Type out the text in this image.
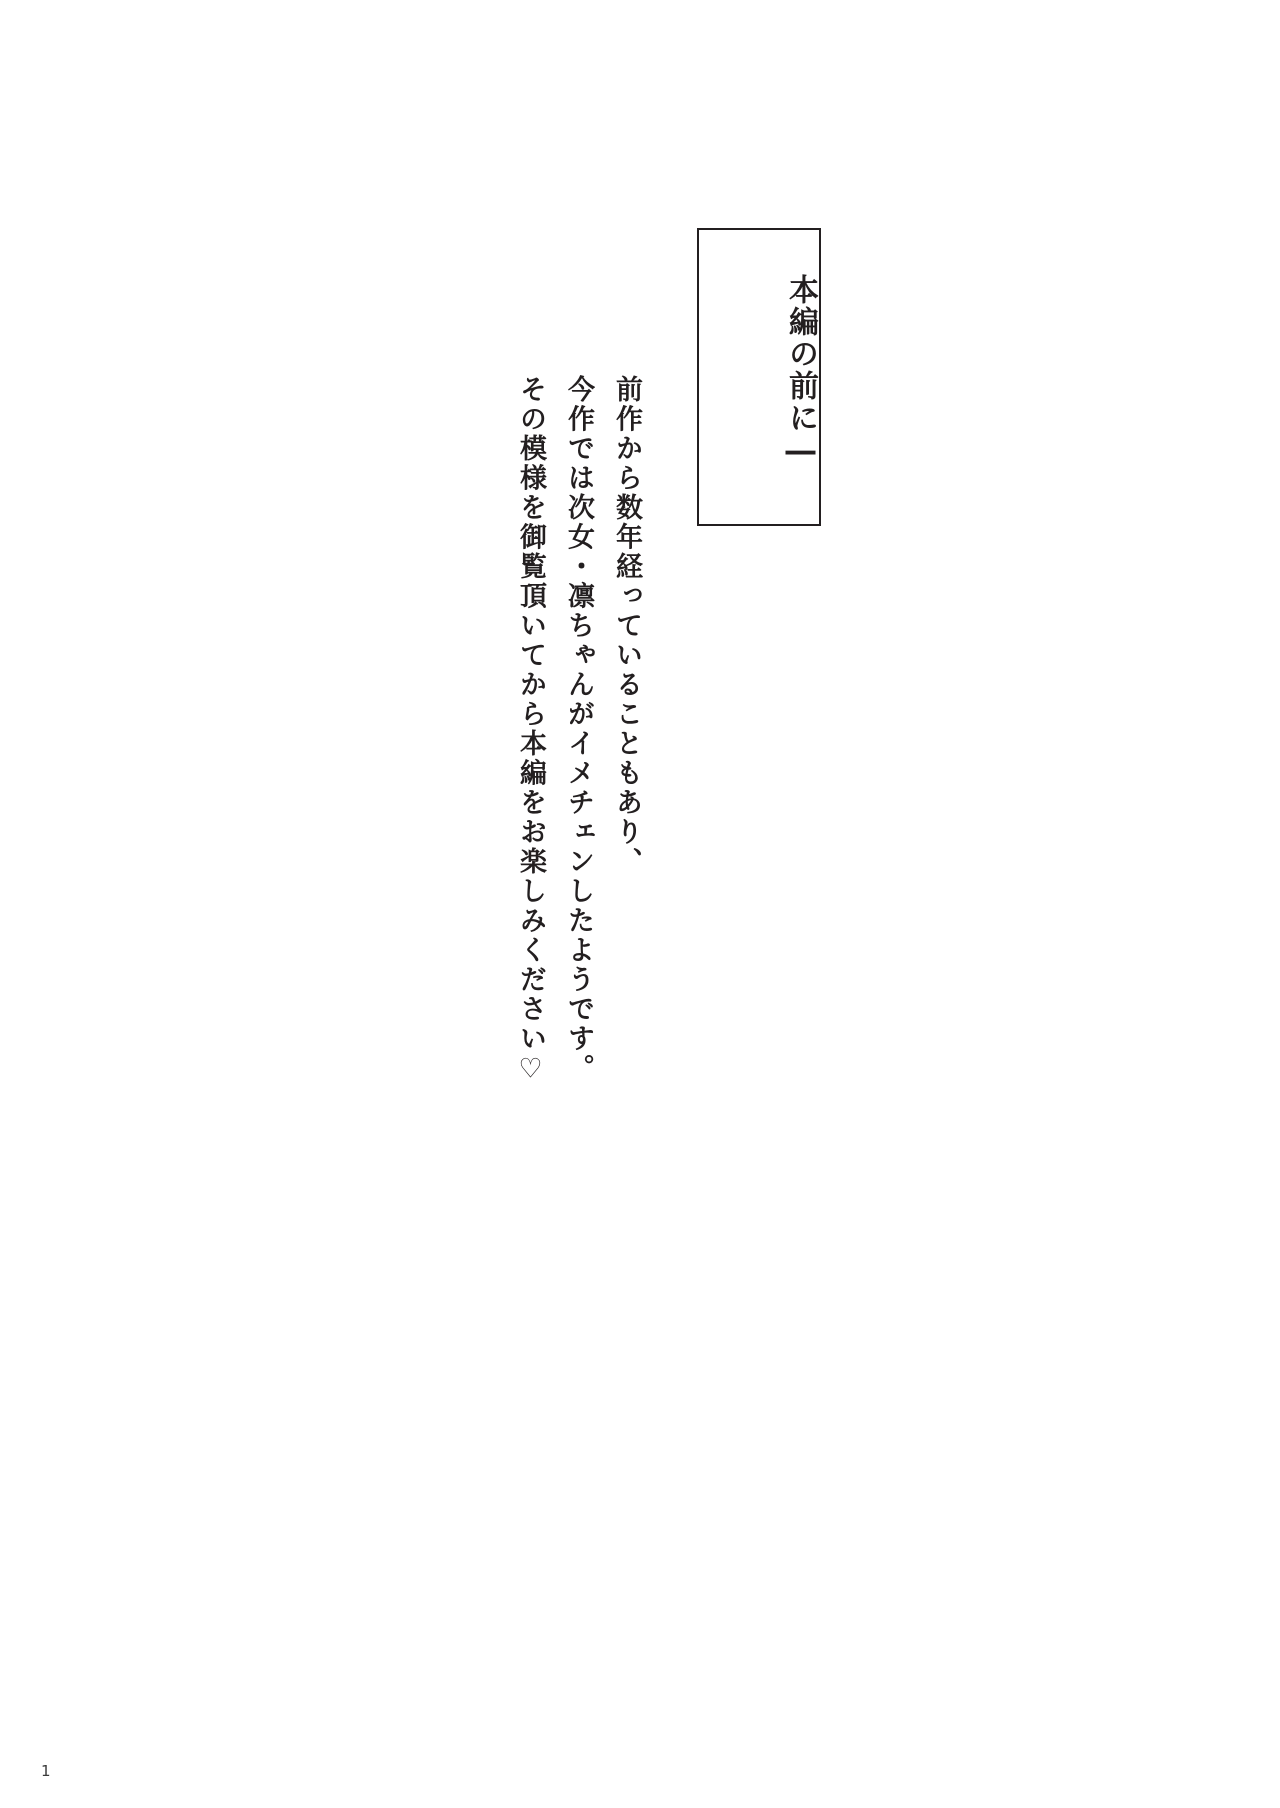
本編の前に―
前作から数年経っていることもあり、
今作では次女・凛ちゃんがイメチェンしたようです。
その模様を御覧頂いてから本編をお楽しみください♡
1
